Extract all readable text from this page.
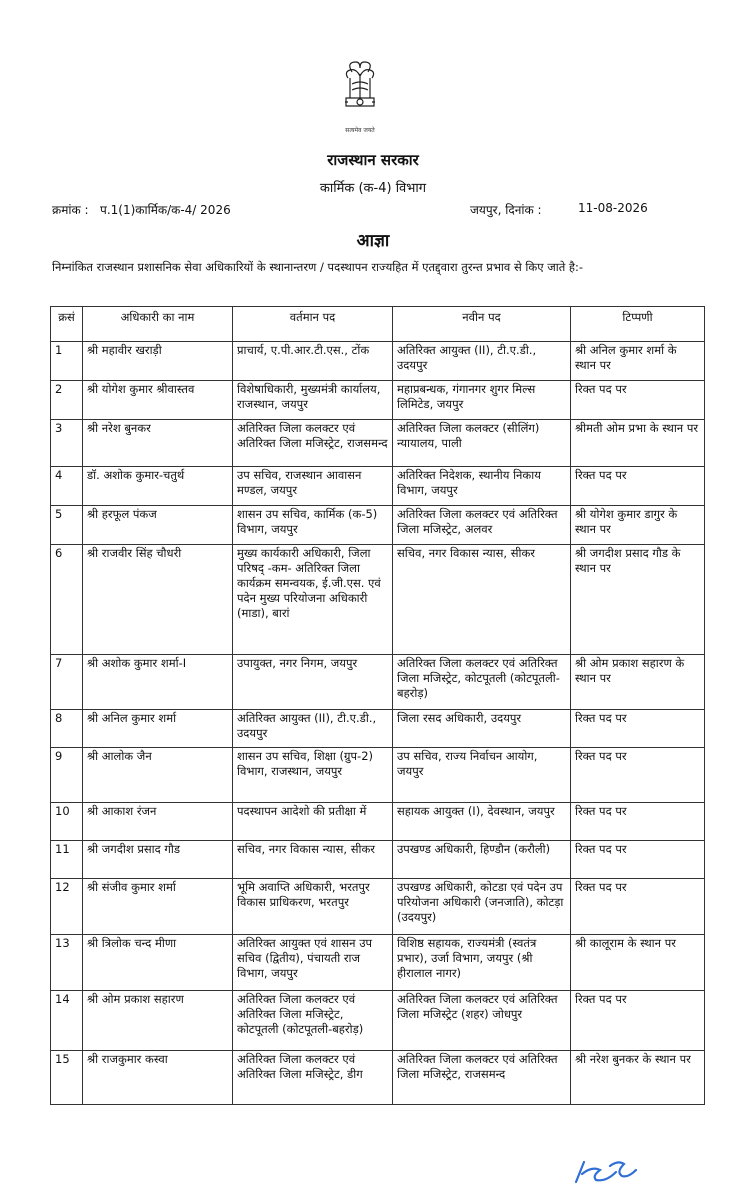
सत्यमेव जयते
राजस्थान सरकार
कार्मिक (क-4) विभाग
क्रमांक : प.1(1)कार्मिक/क-4/ 2026	जयपुर, दिनांक :	11-08-2026
आज्ञा
निम्नांकित राजस्थान प्रशासनिक सेवा अधिकारियों के स्थानान्तरण / पदस्थापन राज्यहित में एतद्द्वारा तुरन्त प्रभाव से किए जाते है:-
क्रसं	अधिकारी का नाम	वर्तमान पद	नवीन पद	टिप्पणी
1	श्री महावीर खराड़ी	प्राचार्य, ए.पी.आर.टी.एस., टोंक	अतिरिक्त आयुक्त (II), टी.ए.डी., उदयपुर	श्री अनिल कुमार शर्मा के स्थान पर
2	श्री योगेश कुमार श्रीवास्तव	विशेषाधिकारी, मुख्यमंत्री कार्यालय, राजस्थान, जयपुर	महाप्रबन्धक, गंगानगर शुगर मिल्स लिमिटेड, जयपुर	रिक्त पद पर
3	श्री नरेश बुनकर	अतिरिक्त जिला कलक्टर एवं अतिरिक्त जिला मजिस्ट्रेट, राजसमन्द	अतिरिक्त जिला कलक्टर (सीलिंग) न्यायालय, पाली	श्रीमती ओम प्रभा के स्थान पर
4	डॉ. अशोक कुमार-चतुर्थ	उप सचिव, राजस्थान आवासन मण्डल, जयपुर	अतिरिक्त निदेशक, स्थानीय निकाय विभाग, जयपुर	रिक्त पद पर
5	श्री हरफूल पंकज	शासन उप सचिव, कार्मिक (क-5) विभाग, जयपुर	अतिरिक्त जिला कलक्टर एवं अतिरिक्त जिला मजिस्ट्रेट, अलवर	श्री योगेश कुमार डागुर के स्थान पर
6	श्री राजवीर सिंह चौधरी	मुख्य कार्यकारी अधिकारी, जिला परिषद् -कम- अतिरिक्त जिला कार्यक्रम समन्वयक, ई.जी.एस. एवं पदेन मुख्य परियोजना अधिकारी (माडा), बारां	सचिव, नगर विकास न्यास, सीकर	श्री जगदीश प्रसाद गौड के स्थान पर
7	श्री अशोक कुमार शर्मा-I	उपायुक्त, नगर निगम, जयपुर	अतिरिक्त जिला कलक्टर एवं अतिरिक्त जिला मजिस्ट्रेट, कोटपूतली (कोटपूतली-बहरोड़)	श्री ओम प्रकाश सहारण के स्थान पर
8	श्री अनिल कुमार शर्मा	अतिरिक्त आयुक्त (II), टी.ए.डी., उदयपुर	जिला रसद अधिकारी, उदयपुर	रिक्त पद पर
9	श्री आलोक जैन	शासन उप सचिव, शिक्षा (ग्रुप-2) विभाग, राजस्थान, जयपुर	उप सचिव, राज्य निर्वाचन आयोग, जयपुर	रिक्त पद पर
10	श्री आकाश रंजन	पदस्थापन आदेशो की प्रतीक्षा में	सहायक आयुक्त (I), देवस्थान, जयपुर	रिक्त पद पर
11	श्री जगदीश प्रसाद गौड	सचिव, नगर विकास न्यास, सीकर	उपखण्ड अधिकारी, हिण्डौन (करौली)	रिक्त पद पर
12	श्री संजीव कुमार शर्मा	भूमि अवाप्ति अधिकारी, भरतपुर विकास प्राधिकरण, भरतपुर	उपखण्ड अधिकारी, कोटडा एवं पदेन उप परियोजना अधिकारी (जनजाति), कोटड़ा (उदयपुर)	रिक्त पद पर
13	श्री त्रिलोक चन्द मीणा	अतिरिक्त आयुक्त एवं शासन उप सचिव (द्वितीय), पंचायती राज विभाग, जयपुर	विशिष्ठ सहायक, राज्यमंत्री (स्वतंत्र प्रभार), उर्जा विभाग, जयपुर (श्री हीरालाल नागर)	श्री कालूराम के स्थान पर
14	श्री ओम प्रकाश सहारण	अतिरिक्त जिला कलक्टर एवं अतिरिक्त जिला मजिस्ट्रेट, कोटपूतली (कोटपूतली-बहरोड़)	अतिरिक्त जिला कलक्टर एवं अतिरिक्त जिला मजिस्ट्रेट (शहर) जोधपुर	रिक्त पद पर
15	श्री राजकुमार कस्वा	अतिरिक्त जिला कलक्टर एवं अतिरिक्त जिला मजिस्ट्रेट, डीग	अतिरिक्त जिला कलक्टर एवं अतिरिक्त जिला मजिस्ट्रेट, राजसमन्द	श्री नरेश बुनकर के स्थान पर
